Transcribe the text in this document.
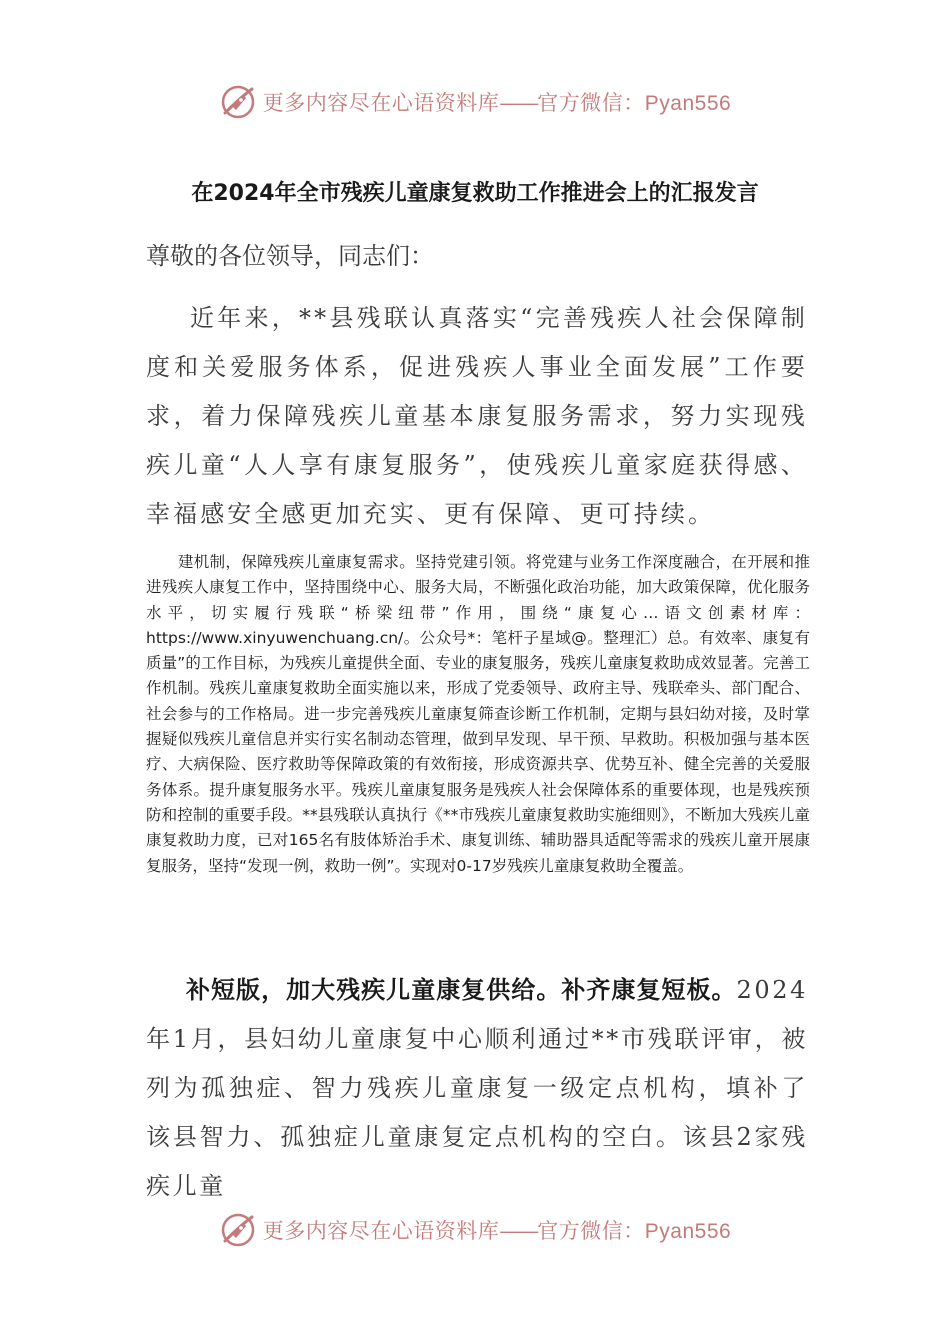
更多内容尽在心语资料库——官方微信：Pyan556
在2024年全市残疾儿童康复救助工作推进会上的汇报发言
尊敬的各位领导，同志们：

近年来，**县残联认真落实“完善残疾人社会保障制度和关爱服务体系，促进残疾人事业全面发展”工作要求，着力保障残疾儿童基本康复服务需求，努力实现残疾儿童“人人享有康复服务”，使残疾儿童家庭获得感、幸福感安全感更加充实、更有保障、更可持续。

建机制，保障残疾儿童康复需求。坚持党建引领。将党建与业务工作深度融合，在开展和推进残疾人康复工作中，坚持围绕中心、服务大局，不断强化政治功能，加大政策保障，优化服务水平，切实履行残联“桥梁纽带”作用，围绕“康复心…语文创素材库：https://www.xinyuwenchuang.cn/。公众号*：笔杆子星域@。整理汇）总。有效率、康复有质量”的工作目标，为残疾儿童提供全面、专业的康复服务，残疾儿童康复救助成效显著。完善工作机制。残疾儿童康复救助全面实施以来，形成了党委领导、政府主导、残联牵头、部门配合、社会参与的工作格局。进一步完善残疾儿童康复筛查诊断工作机制，定期与县妇幼对接，及时掌握疑似残疾儿童信息并实行实名制动态管理，做到早发现、早干预、早救助。积极加强与基本医疗、大病保险、医疗救助等保障政策的有效衔接，形成资源共享、优势互补、健全完善的关爱服务体系。提升康复服务水平。残疾儿童康复服务是残疾人社会保障体系的重要体现，也是残疾预防和控制的重要手段。**县残联认真执行《**市残疾儿童康复救助实施细则》，不断加大残疾儿童康复救助力度，已对165名有肢体矫治手术、康复训练、辅助器具适配等需求的残疾儿童开展康复服务，坚持“发现一例，救助一例”。实现对0-17岁残疾儿童康复救助全覆盖。

补短版，加大残疾儿童康复供给。补齐康复短板。2024年1月，县妇幼儿童康复中心顺利通过**市残联评审，被列为孤独症、智力残疾儿童康复一级定点机构，填补了该县智力、孤独症儿童康复定点机构的空白。该县2家残疾儿童

更多内容尽在心语资料库——官方微信：Pyan556
